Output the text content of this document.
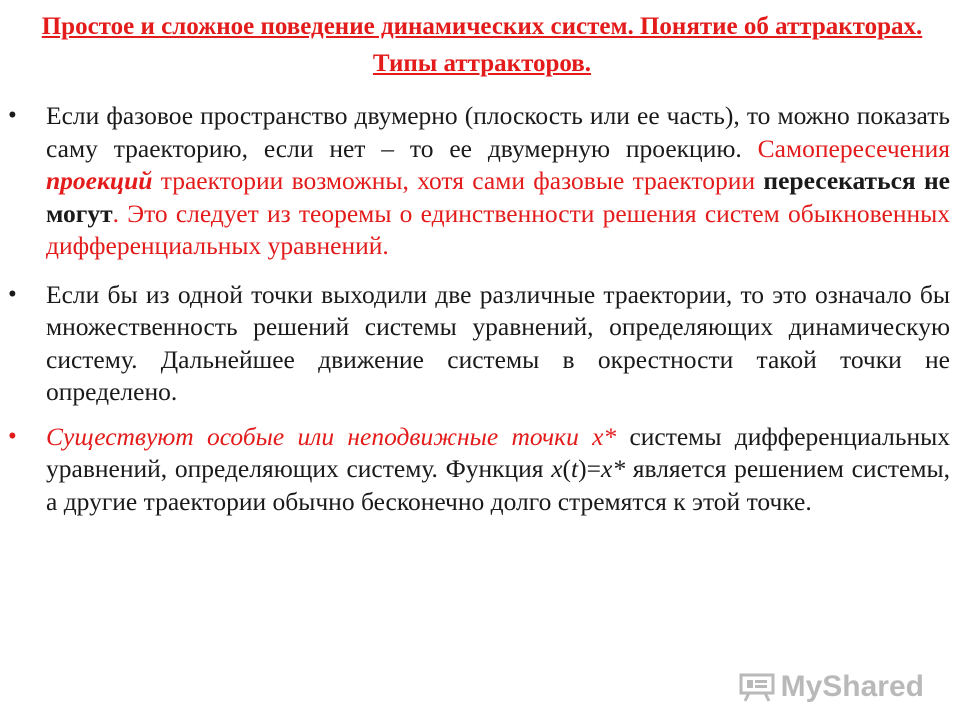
Простое и сложное поведение динамических систем. Понятие об аттракторах. Типы аттракторов.
• Если фазовое пространство двумерно (плоскость или ее часть), то можно показать саму траекторию, если нет – то ее двумерную проекцию. Самопересечения проекций траектории возможны, хотя сами фазовые траектории пересекаться не могут. Это следует из теоремы о единственности решения систем обыкновенных дифференциальных уравнений.
• Если бы из одной точки выходили две различные траектории, то это означало бы множественность решений системы уравнений, определяющих динамическую систему. Дальнейшее движение системы в окрестности такой точки не определено.
• Существуют особые или неподвижные точки x* системы дифференциальных уравнений, определяющих систему. Функция x(t)=x* является решением системы, а другие траектории обычно бесконечно долго стремятся к этой точке.
MyShared
